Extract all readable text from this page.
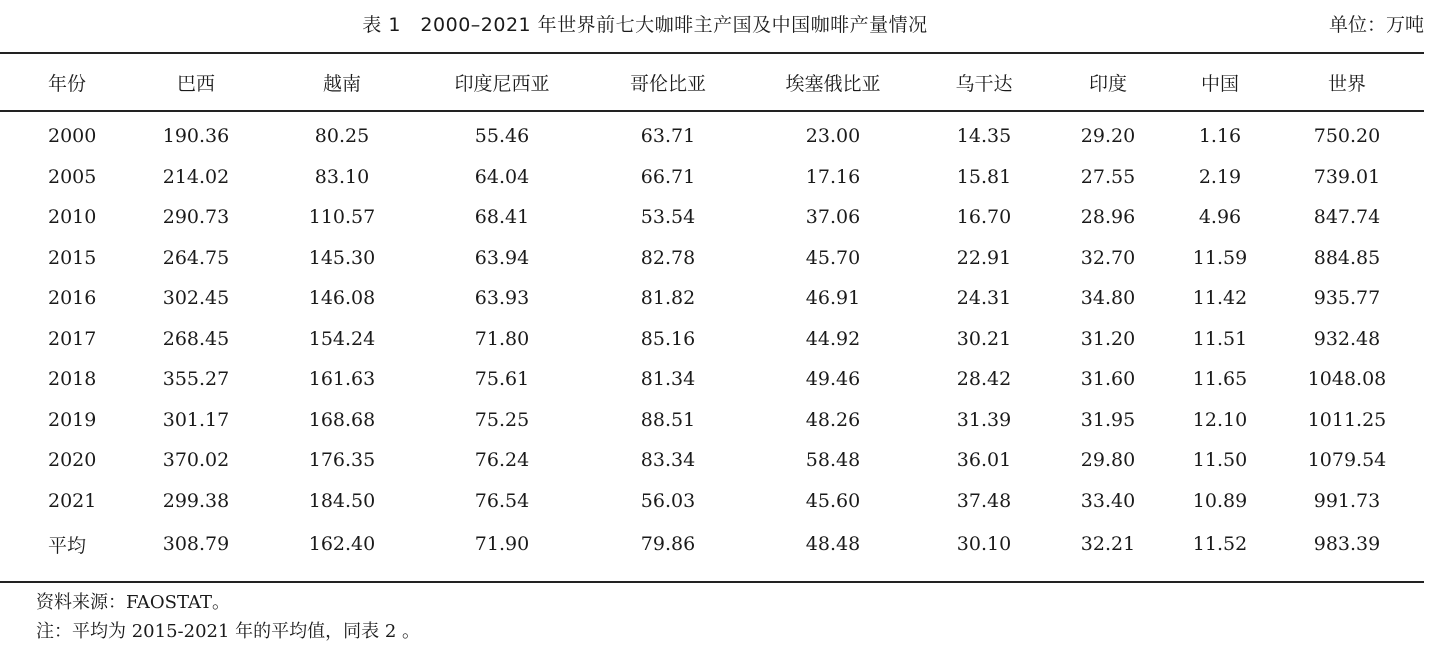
表 1　2000–2021 年世界前七大咖啡主产国及中国咖啡产量情况	单位：万吨
年份	巴西	越南	印度尼西亚	哥伦比亚	埃塞俄比亚	乌干达	印度	中国	世界
2000	190.36	80.25	55.46	63.71	23.00	14.35	29.20	1.16	750.20
2005	214.02	83.10	64.04	66.71	17.16	15.81	27.55	2.19	739.01
2010	290.73	110.57	68.41	53.54	37.06	16.70	28.96	4.96	847.74
2015	264.75	145.30	63.94	82.78	45.70	22.91	32.70	11.59	884.85
2016	302.45	146.08	63.93	81.82	46.91	24.31	34.80	11.42	935.77
2017	268.45	154.24	71.80	85.16	44.92	30.21	31.20	11.51	932.48
2018	355.27	161.63	75.61	81.34	49.46	28.42	31.60	11.65	1048.08
2019	301.17	168.68	75.25	88.51	48.26	31.39	31.95	12.10	1011.25
2020	370.02	176.35	76.24	83.34	58.48	36.01	29.80	11.50	1079.54
2021	299.38	184.50	76.54	56.03	45.60	37.48	33.40	10.89	991.73
平均	308.79	162.40	71.90	79.86	48.48	30.10	32.21	11.52	983.39
资料来源：FAOSTAT。
注：平均为 2015-2021 年的平均值，同表 2 。
